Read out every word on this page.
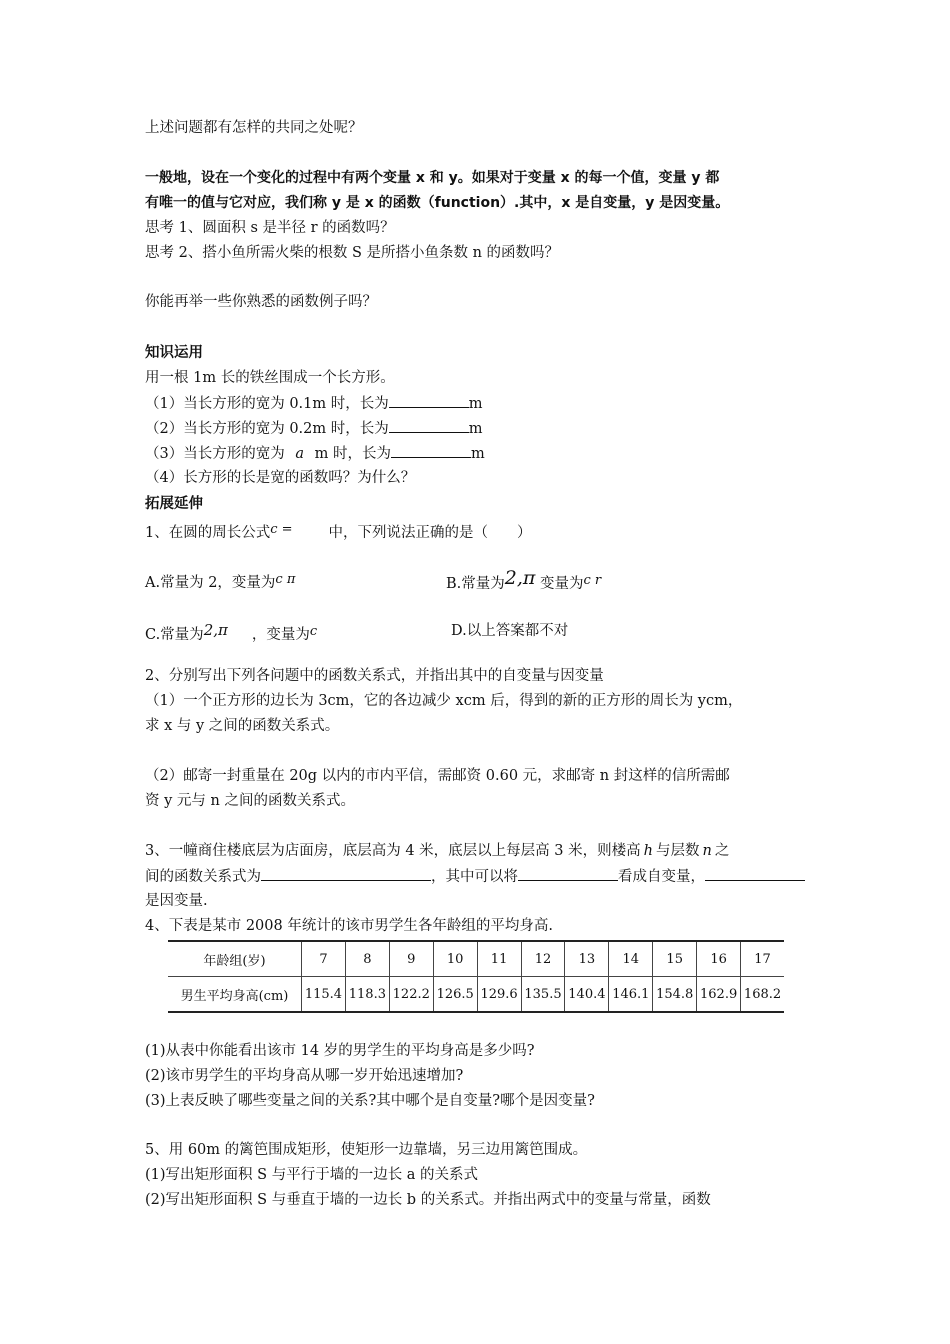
上述问题都有怎样的共同之处呢？
一般地，设在一个变化的过程中有两个变量 x 和 y。如果对于变量 x 的每一个值，变量 y 都
有唯一的值与它对应，我们称 y 是 x 的函数（function）.其中，x 是自变量，y 是因变量。
思考 1、圆面积 s 是半径 r 的函数吗？
思考 2、搭小鱼所需火柴的根数 S 是所搭小鱼条数 n 的函数吗？
你能再举一些你熟悉的函数例子吗？
知识运用
用一根 1m 长的铁丝围成一个长方形。
（1）当长方形的宽为 0.1m 时，长为	m
（2）当长方形的宽为 0.2m 时，长为	m
（3）当长方形的宽为 a m 时，长为	m
（4）长方形的长是宽的函数吗？为什么？
拓展延伸
1、在圆的周长公式c = 中，下列说法正确的是（　　）
A.常量为 2，变量为c π	B.常量为2,π 变量为c r
C.常量为2,π ，变量为c	D.以上答案都不对
2、分别写出下列各问题中的函数关系式，并指出其中的自变量与因变量
（1）一个正方形的边长为 3cm，它的各边减少 xcm 后，得到的新的正方形的周长为 ycm，
求 x 与 y 之间的函数关系式。
（2）邮寄一封重量在 20g 以内的市内平信，需邮资 0.60 元，求邮寄 n 封这样的信所需邮
资 y 元与 n 之间的函数关系式。
3、一幢商住楼底层为店面房，底层高为 4 米，底层以上每层高 3 米，则楼高 h 与层数 n 之
间的函数关系式为	，其中可以将	看成自变量，
是因变量.
4、下表是某市 2008 年统计的该市男学生各年龄组的平均身高.
年龄组(岁)	7	8	9	10	11	12	13	14	15	16	17
男生平均身高(cm)	115.4	118.3	122.2	126.5	129.6	135.5	140.4	146.1	154.8	162.9	168.2
(1)从表中你能看出该市 14 岁的男学生的平均身高是多少吗?
(2)该市男学生的平均身高从哪一岁开始迅速增加?
(3)上表反映了哪些变量之间的关系?其中哪个是自变量?哪个是因变量?
5、用 60m 的篱笆围成矩形，使矩形一边靠墙，另三边用篱笆围成。
(1)写出矩形面积 S 与平行于墙的一边长 a 的关系式
(2)写出矩形面积 S 与垂直于墙的一边长 b 的关系式。并指出两式中的变量与常量，函数
